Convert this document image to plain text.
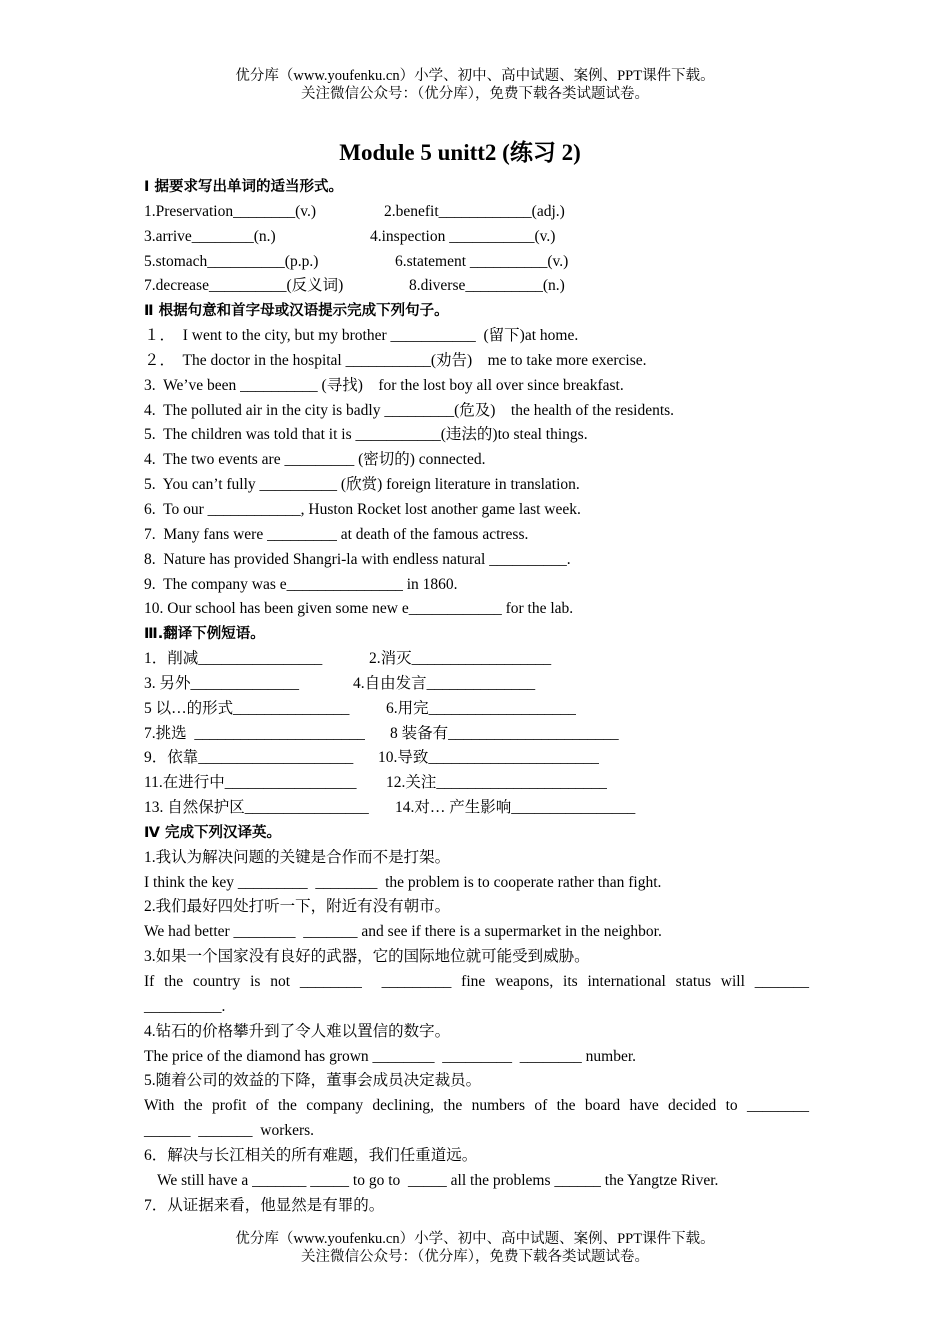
优分库（www.youfenku.cn）小学、初中、高中试题、案例、PPT课件下载。
关注微信公众号：（优分库），免费下载各类试题试卷。
Module 5 unitt2 (练习 2)
Ⅰ 据要求写出单词的适当形式。
1.Preservation________(v.)	2.benefit____________(adj.)
3.arrive________(n.)	4.inspection ___________(v.)
5.stomach__________(p.p.)	6.statement __________(v.)
7.decrease__________(反义词)	8.diverse__________(n.)
Ⅱ 根据句意和首字母或汉语提示完成下列句子。
１．  I went to the city, but my brother ___________  (留下)at home.
２．  The doctor in the hospital ___________(劝告)    me to take more exercise.
3.  We’ve been __________ (寻找)    for the lost boy all over since breakfast.
4.  The polluted air in the city is badly _________(危及)    the health of the residents.
5.  The children was told that it is ___________(违法的)to steal things.
4.  The two events are _________ (密切的) connected.
5.  You can’t fully __________ (欣赏) foreign literature in translation.
6.  To our ____________, Huston Rocket lost another game last week.
7.  Many fans were _________ at death of the famous actress.
8.  Nature has provided Shangri-la with endless natural __________.
9.  The company was e_______________ in 1860.
10. Our school has been given some new e____________ for the lab.
Ⅲ.翻译下例短语。
1．削减________________	2.消灭__________________
3. 另外______________	4.自由发言______________
5 以…的形式_______________ 6.用完___________________
7.挑选  ______________________ 8 装备有______________________
9．依靠____________________ 10.导致______________________
11.在进行中_________________ 12.关注______________________
13. 自然保护区________________ 14.对… 产生影响________________
Ⅳ 完成下列汉译英。
1.我认为解决问题的关键是合作而不是打架。
I think the key _________  ________  the problem is to cooperate rather than fight.
2.我们最好四处打听一下，附近有没有朝市。
We had better ________  _______ and see if there is a supermarket in the neighbor.
3.如果一个国家没有良好的武器，它的国际地位就可能受到威胁。
If the country is not ________  _________ fine weapons, its international status will _______
__________.
4.钻石的价格攀升到了令人难以置信的数字。
The price of the diamond has grown ________  _________  ________ number.
5.随着公司的效益的下降，董事会成员决定裁员。
With the profit of the company declining, the numbers of the board have decided to ________
______  _______  workers.
6．解决与长江相关的所有难题，我们任重道远。
We still have a _______ _____ to go to  _____ all the problems ______ the Yangtze River.
7．从证据来看，他显然是有罪的。
优分库（www.youfenku.cn）小学、初中、高中试题、案例、PPT课件下载。
关注微信公众号：（优分库），免费下载各类试题试卷。
